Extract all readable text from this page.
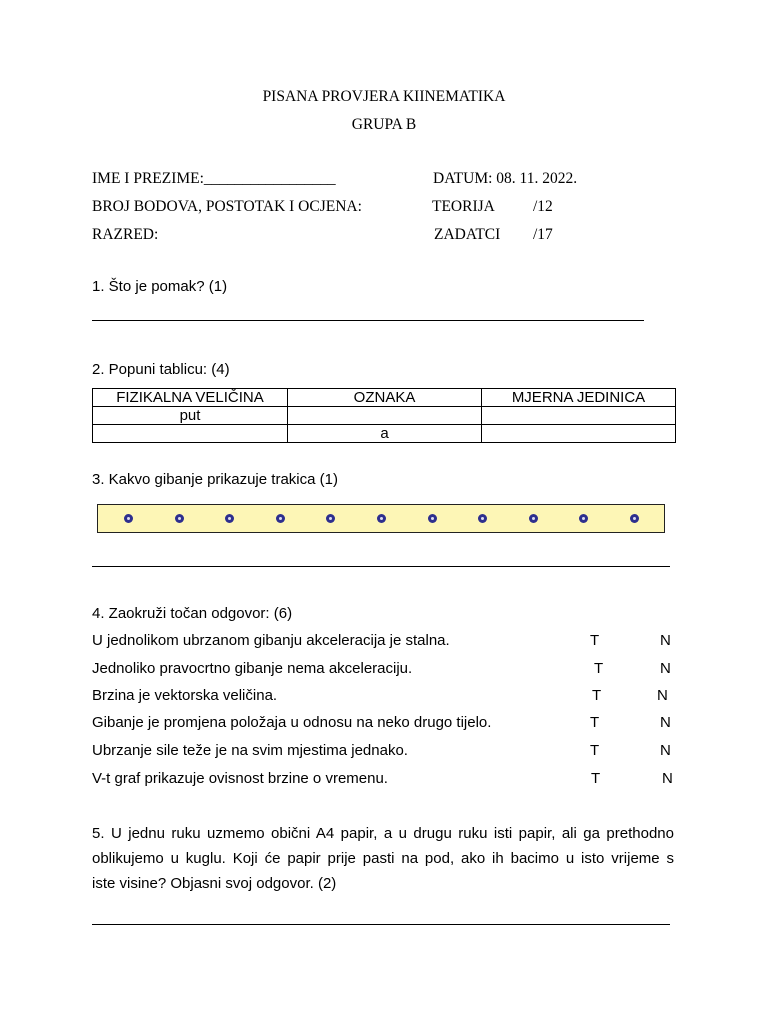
PISANA PROVJERA KIINEMATIKA
GRUPA B
IME I PREZIME:_________________	DATUM: 08. 11. 2022.
BROJ BODOVA, POSTOTAK I OCJENA:	TEORIJA /12
RAZRED:	ZADATCI /17
1. Što je pomak? (1)
2. Popuni tablicu: (4)
FIZIKALNA VELIČINA	OZNAKA	MJERNA JEDINICA
put		
	a	
3. Kakvo gibanje prikazuje trakica (1)
4. Zaokruži točan odgovor: (6)
U jednolikom ubrzanom gibanju akceleracija je stalna.	T	N
Jednoliko pravocrtno gibanje nema akceleraciju.	T	N
Brzina je vektorska veličina.	T	N
Gibanje je promjena položaja u odnosu na neko drugo tijelo.	T	N
Ubrzanje sile teže je na svim mjestima jednako.	T	N
V-t graf prikazuje ovisnost brzine o vremenu.	T	N
5. U jednu ruku uzmemo obični A4 papir, a u drugu ruku isti papir, ali ga prethodno
oblikujemo u kuglu. Koji će papir prije pasti na pod, ako ih bacimo u isto vrijeme s
iste visine? Objasni svoj odgovor. (2)
